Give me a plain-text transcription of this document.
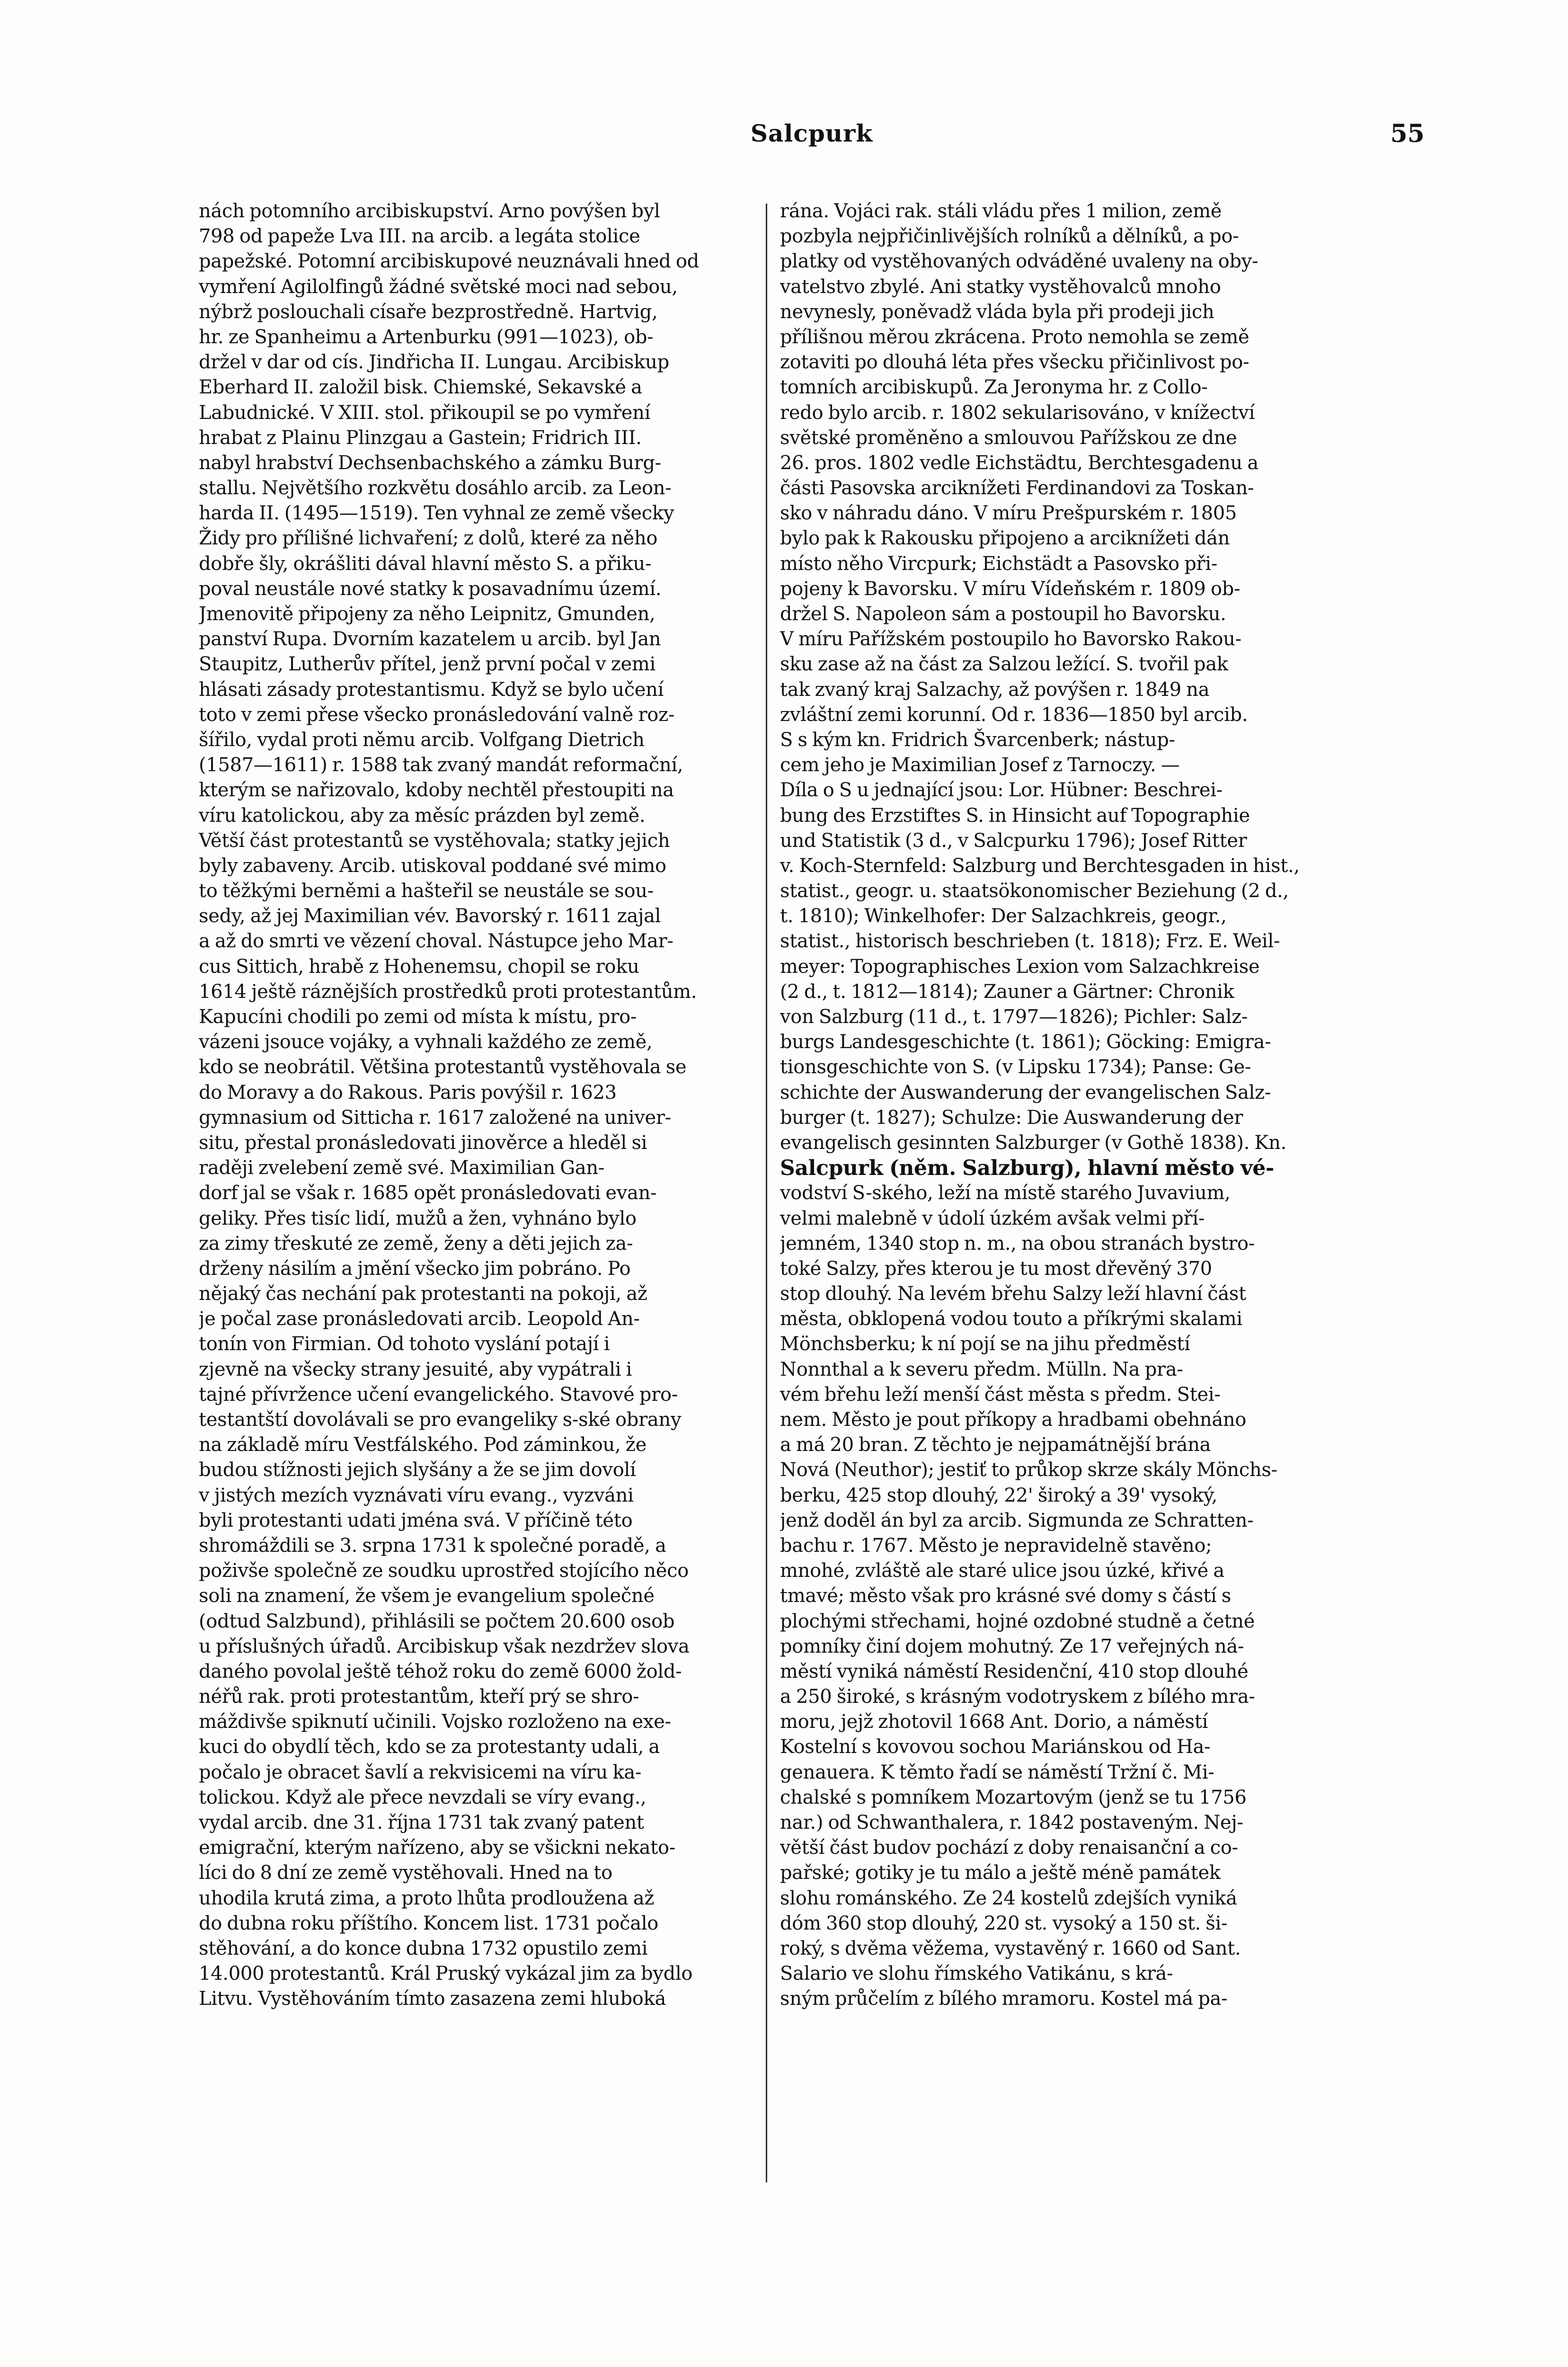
Salcpurk	55
nách potomního arcibiskupství. Arno povýšen byl
798 od papeže Lva III. na arcib. a legáta stolice
papežské. Potomní arcibiskupové neuznávali hned od
vymření Agilolfingů žádné světské moci nad sebou,
nýbrž poslouchali císaře bezprostředně. Hartvig,
hr. ze Spanheimu a Artenburku (991—1023), ob-
držel v dar od cís. Jindřicha II. Lungau. Arcibiskup
Eberhard II. založil bisk. Chiemské, Sekavské a
Labudnické. V XIII. stol. přikoupil se po vymření
hrabat z Plainu Plinzgau a Gastein; Fridrich III.
nabyl hrabství Dechsenbachského a zámku Burg-
stallu. Největšího rozkvětu dosáhlo arcib. za Leon-
harda II. (1495—1519). Ten vyhnal ze země všecky
Židy pro přílišné lichvaření; z dolů, které za něho
dobře šly, okrášliti dával hlavní město S. a přiku-
poval neustále nové statky k posavadnímu území.
Jmenovitě připojeny za něho Leipnitz, Gmunden,
panství Rupa. Dvorním kazatelem u arcib. byl Jan
Staupitz, Lutherův přítel, jenž první počal v zemi
hlásati zásady protestantismu. Když se bylo učení
toto v zemi přese všecko pronásledování valně roz-
šířilo, vydal proti němu arcib. Volfgang Dietrich
(1587—1611) r. 1588 tak zvaný mandát reformační,
kterým se nařizovalo, kdoby nechtěl přestoupiti na
víru katolickou, aby za měsíc prázden byl země.
Větší část protestantů se vystěhovala; statky jejich
byly zabaveny. Arcib. utiskoval poddané své mimo
to těžkými berněmi a hašteřil se neustále se sou-
sedy, až jej Maximilian vév. Bavorský r. 1611 zajal
a až do smrti ve vězení choval. Nástupce jeho Mar-
cus Sittich, hrabě z Hohenemsu, chopil se roku
1614 ještě ráznějších prostředků proti protestantům.
Kapucíni chodili po zemi od místa k místu, pro-
vázeni jsouce vojáky, a vyhnali každého ze země,
kdo se neobrátil. Většina protestantů vystěhovala se
do Moravy a do Rakous. Paris povýšil r. 1623
gymnasium od Sitticha r. 1617 založené na univer-
situ, přestal pronásledovati jinověrce a hleděl si
raději zvelebení země své. Maximilian Gan-
dorf jal se však r. 1685 opět pronásledovati evan-
geliky. Přes tisíc lidí, mužů a žen, vyhnáno bylo
za zimy třeskuté ze země, ženy a děti jejich za-
drženy násilím a jmění všecko jim pobráno. Po
nějaký čas nechání pak protestanti na pokoji, až
je počal zase pronásledovati arcib. Leopold An-
tonín von Firmian. Od tohoto vyslání potají i
zjevně na všecky strany jesuité, aby vypátrali i
tajné přívržence učení evangelického. Stavové pro-
testantští dovolávali se pro evangeliky s-ské obrany
na základě míru Vestfálského. Pod záminkou, že
budou stížnosti jejich slyšány a že se jim dovolí
v jistých mezích vyznávati víru evang., vyzváni
byli protestanti udati jména svá. V příčině této
shromáždili se 3. srpna 1731 k společné poradě, a
poživše společně ze soudku uprostřed stojícího něco
soli na znamení, že všem je evangelium společné
(odtud Salzbund), přihlásili se počtem 20.600 osob
u příslušných úřadů. Arcibiskup však nezdržev slova
daného povolal ještě téhož roku do země 6000 žold-
néřů rak. proti protestantům, kteří prý se shro-
máždivše spiknutí učinili. Vojsko rozloženo na exe-
kuci do obydlí těch, kdo se za protestanty udali, a
počalo je obracet šavlí a rekvisicemi na víru ka-
tolickou. Když ale přece nevzdali se víry evang.,
vydal arcib. dne 31. října 1731 tak zvaný patent
emigrační, kterým nařízeno, aby se všickni nekato-
líci do 8 dní ze země vystěhovali. Hned na to
uhodila krutá zima, a proto lhůta prodloužena až
do dubna roku příštího. Koncem list. 1731 počalo
stěhování, a do konce dubna 1732 opustilo zemi
14.000 protestantů. Král Pruský vykázal jim za bydlo
Litvu. Vystěhováním tímto zasazena zemi hluboká
rána. Vojáci rak. stáli vládu přes 1 milion, země
pozbyla nejpřičinlivějších rolníků a dělníků, a po-
platky od vystěhovaných odváděné uvaleny na oby-
vatelstvo zbylé. Ani statky vystěhovalců mnoho
nevynesly, poněvadž vláda byla při prodeji jich
přílišnou měrou zkrácena. Proto nemohla se země
zotaviti po dlouhá léta přes všecku přičinlivost po-
tomních arcibiskupů. Za Jeronyma hr. z Collo-
redo bylo arcib. r. 1802 sekularisováno, v knížectví
světské proměněno a smlouvou Pařížskou ze dne
26. pros. 1802 vedle Eichstädtu, Berchtesgadenu a
části Pasovska arciknížeti Ferdinandovi za Toskan-
sko v náhradu dáno. V míru Prešpurském r. 1805
bylo pak k Rakousku připojeno a arciknížeti dán
místo něho Vircpurk; Eichstädt a Pasovsko při-
pojeny k Bavorsku. V míru Vídeňském r. 1809 ob-
držel S. Napoleon sám a postoupil ho Bavorsku.
V míru Pařížském postoupilo ho Bavorsko Rakou-
sku zase až na část za Salzou ležící. S. tvořil pak
tak zvaný kraj Salzachy, až povýšen r. 1849 na
zvláštní zemi korunní. Od r. 1836—1850 byl arcib.
S s kým kn. Fridrich Švarcenberk; nástup-
cem jeho je Maximilian Josef z Tarnoczy. —
Díla o S u jednající jsou: Lor. Hübner: Beschrei-
bung des Erzstiftes S. in Hinsicht auf Topographie
und Statistik (3 d., v Salcpurku 1796); Josef Ritter
v. Koch-Sternfeld: Salzburg und Berchtesgaden in hist.,
statist., geogr. u. staatsökonomischer Beziehung (2 d.,
t. 1810); Winkelhofer: Der Salzachkreis, geogr.,
statist., historisch beschrieben (t. 1818); Frz. E. Weil-
meyer: Topographisches Lexion vom Salzachkreise
(2 d., t. 1812—1814); Zauner a Gärtner: Chronik
von Salzburg (11 d., t. 1797—1826); Pichler: Salz-
burgs Landesgeschichte (t. 1861); Göcking: Emigra-
tionsgeschichte von S. (v Lipsku 1734); Panse: Ge-
schichte der Auswanderung der evangelischen Salz-
burger (t. 1827); Schulze: Die Auswanderung der
evangelisch gesinnten Salzburger (v Gothě 1838). Kn.
Salcpurk (něm. Salzburg), hlavní město vé-
vodství S-ského, leží na místě starého Juvavium,
velmi malebně v údolí úzkém avšak velmi pří-
jemném, 1340 stop n. m., na obou stranách bystro-
toké Salzy, přes kterou je tu most dřevěný 370
stop dlouhý. Na levém břehu Salzy leží hlavní část
města, obklopená vodou touto a příkrými skalami
Mönchsberku; k ní pojí se na jihu předměstí
Nonnthal a k severu předm. Mülln. Na pra-
vém břehu leží menší část města s předm. Stei-
nem. Město je pout příkopy a hradbami obehnáno
a má 20 bran. Z těchto je nejpamátnější brána
Nová (Neuthor); jestiť to průkop skrze skály Mönchs-
berku, 425 stop dlouhý, 22' široký a 39' vysoký,
jenž doděl án byl za arcib. Sigmunda ze Schratten-
bachu r. 1767. Město je nepravidelně stavěno;
mnohé, zvláště ale staré ulice jsou úzké, křivé a
tmavé; město však pro krásné své domy s částí s
plochými střechami, hojné ozdobné studně a četné
pomníky činí dojem mohutný. Ze 17 veřejných ná-
městí vyniká náměstí Residenční, 410 stop dlouhé
a 250 široké, s krásným vodotryskem z bílého mra-
moru, jejž zhotovil 1668 Ant. Dorio, a náměstí
Kostelní s kovovou sochou Mariánskou od Ha-
genauera. K těmto řadí se náměstí Tržní č. Mi-
chalské s pomníkem Mozartovým (jenž se tu 1756
nar.) od Schwanthalera, r. 1842 postaveným. Nej-
větší část budov pochází z doby renaisanční a co-
pařské; gotiky je tu málo a ještě méně památek
slohu románského. Ze 24 kostelů zdejších vyniká
dóm 360 stop dlouhý, 220 st. vysoký a 150 st. ši-
roký, s dvěma věžema, vystavěný r. 1660 od Sant.
Salario ve slohu římského Vatikánu, s krá-
sným průčelím z bílého mramoru. Kostel má pa-
